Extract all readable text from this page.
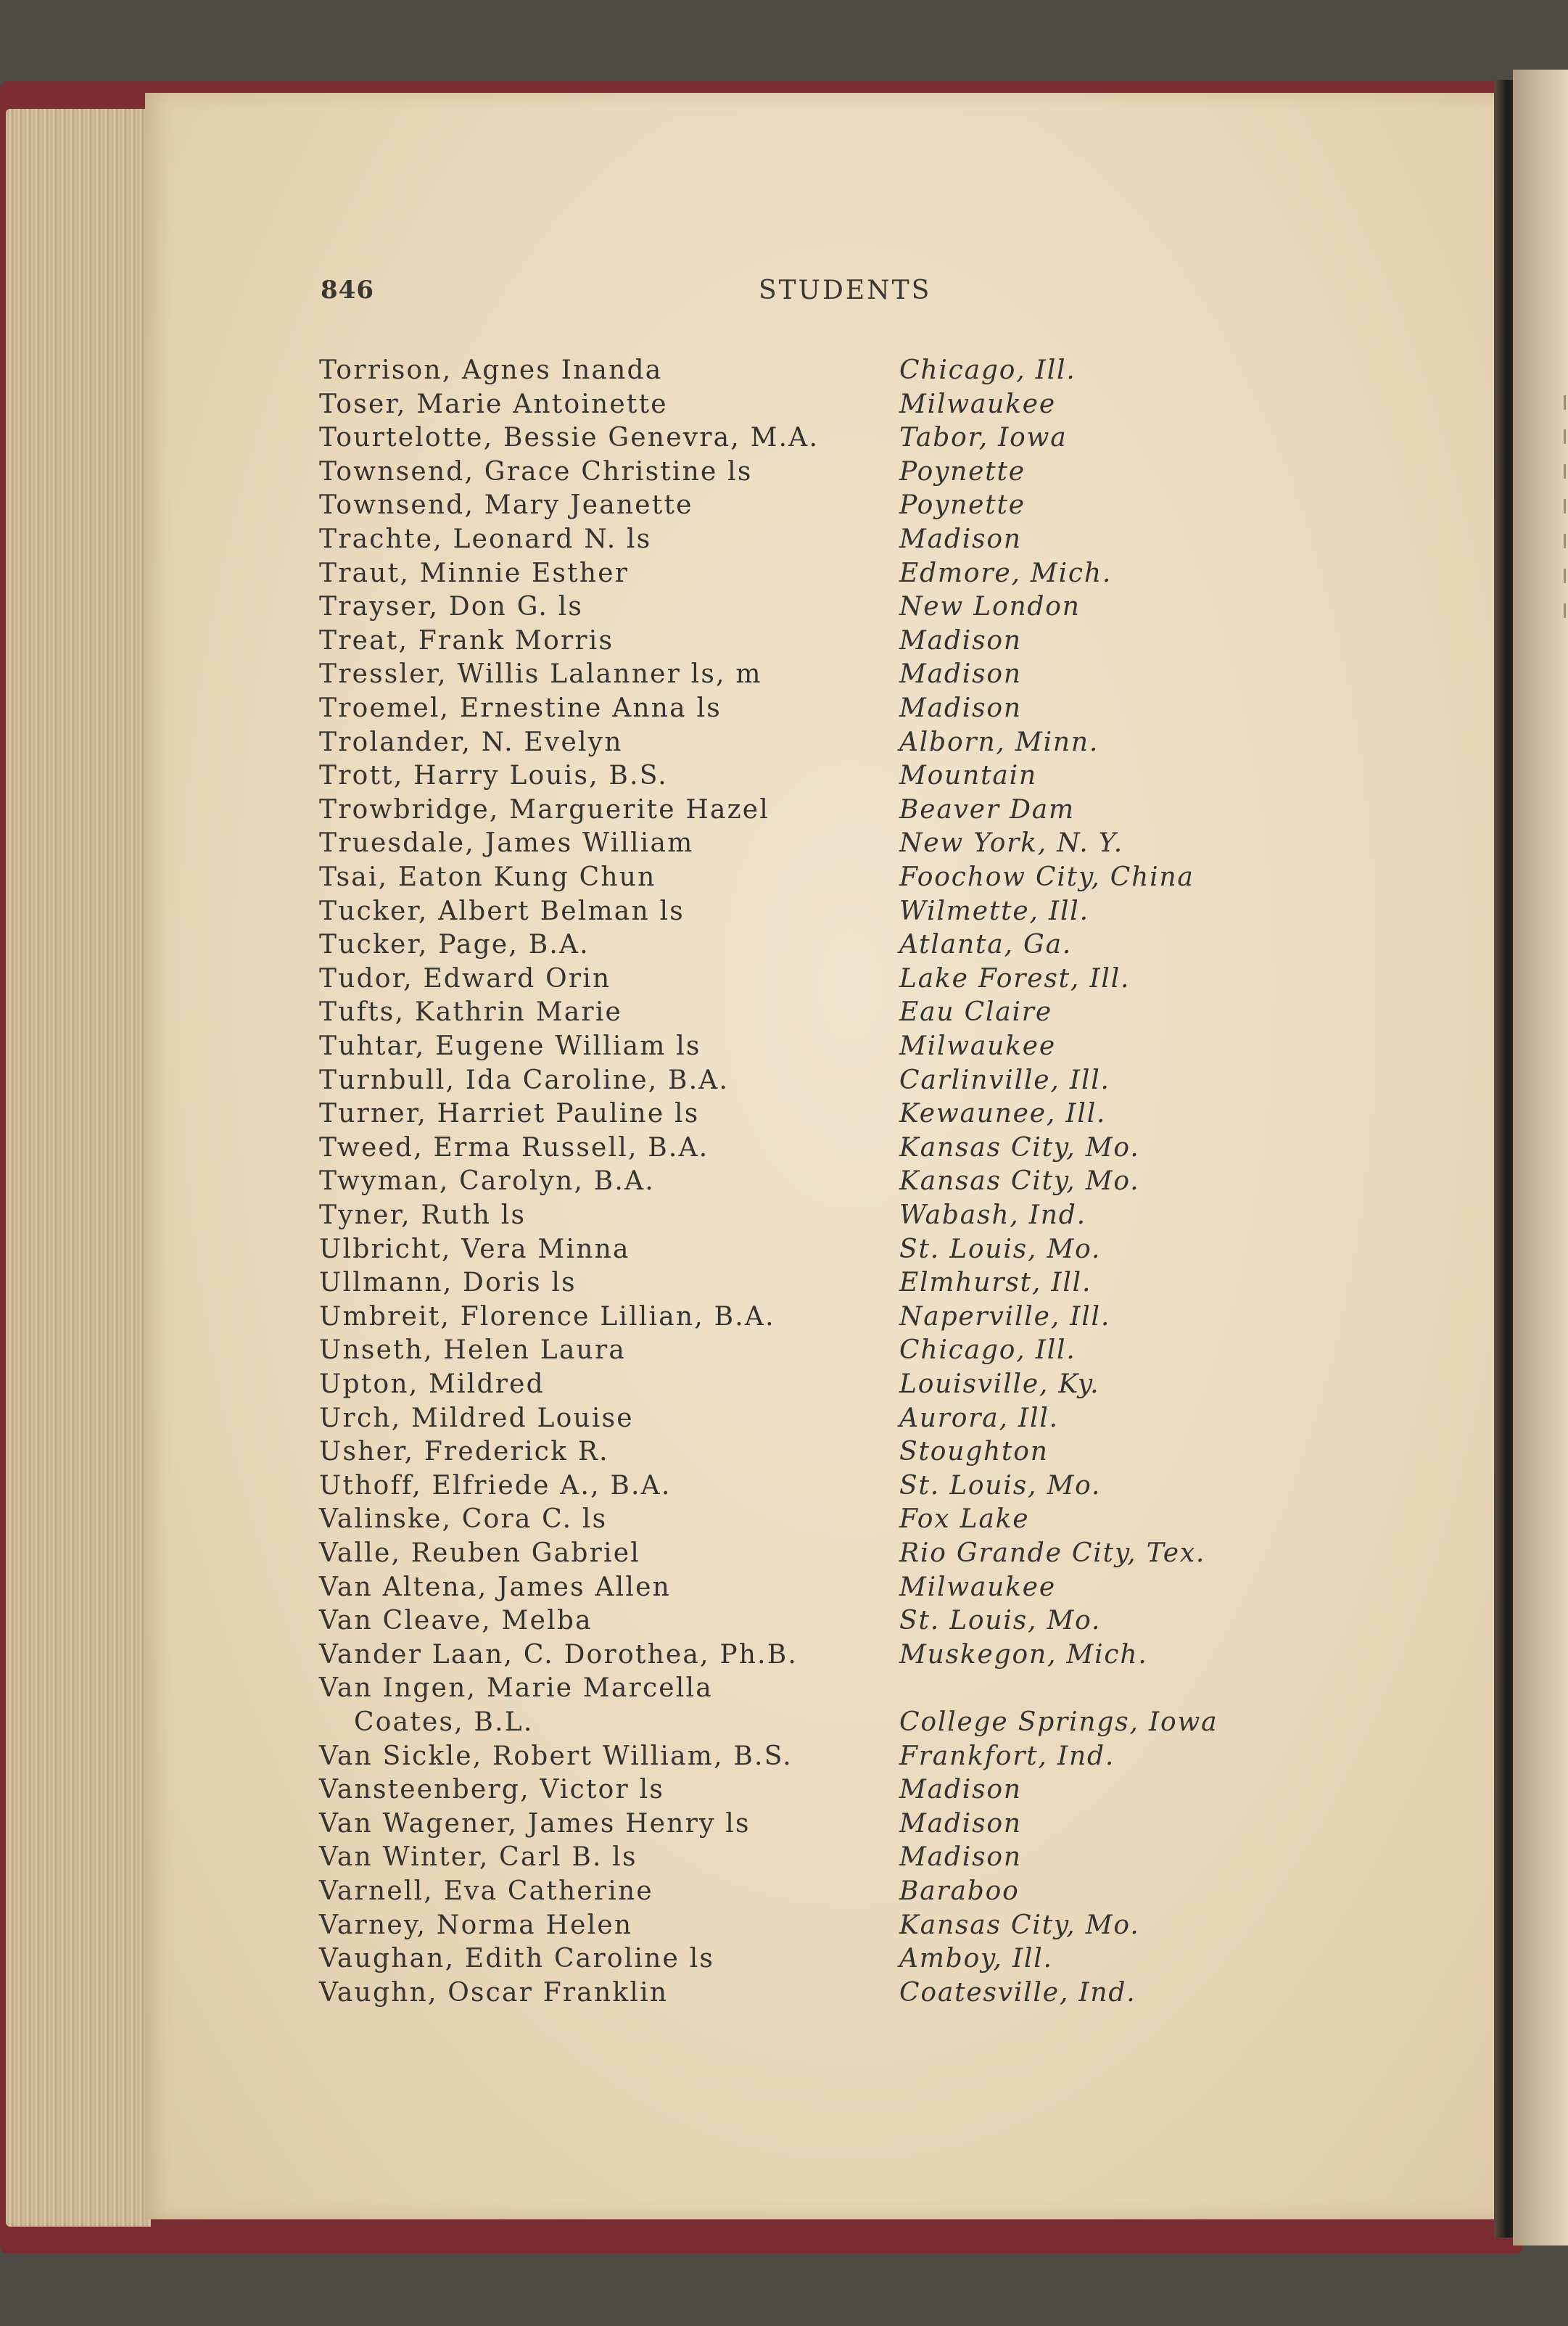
846	STUDENTS
Torrison, Agnes Inanda	Chicago, Ill.
Toser, Marie Antoinette	Milwaukee
Tourtelotte, Bessie Genevra, M.A.	Tabor, Iowa
Townsend, Grace Christine ls	Poynette
Townsend, Mary Jeanette	Poynette
Trachte, Leonard N. ls	Madison
Traut, Minnie Esther	Edmore, Mich.
Trayser, Don G. ls	New London
Treat, Frank Morris	Madison
Tressler, Willis Lalanner ls, m	Madison
Troemel, Ernestine Anna ls	Madison
Trolander, N. Evelyn	Alborn, Minn.
Trott, Harry Louis, B.S.	Mountain
Trowbridge, Marguerite Hazel	Beaver Dam
Truesdale, James William	New York, N. Y.
Tsai, Eaton Kung Chun	Foochow City, China
Tucker, Albert Belman ls	Wilmette, Ill.
Tucker, Page, B.A.	Atlanta, Ga.
Tudor, Edward Orin	Lake Forest, Ill.
Tufts, Kathrin Marie	Eau Claire
Tuhtar, Eugene William ls	Milwaukee
Turnbull, Ida Caroline, B.A.	Carlinville, Ill.
Turner, Harriet Pauline ls	Kewaunee, Ill.
Tweed, Erma Russell, B.A.	Kansas City, Mo.
Twyman, Carolyn, B.A.	Kansas City, Mo.
Tyner, Ruth ls	Wabash, Ind.
Ulbricht, Vera Minna	St. Louis, Mo.
Ullmann, Doris ls	Elmhurst, Ill.
Umbreit, Florence Lillian, B.A.	Naperville, Ill.
Unseth, Helen Laura	Chicago, Ill.
Upton, Mildred	Louisville, Ky.
Urch, Mildred Louise	Aurora, Ill.
Usher, Frederick R.	Stoughton
Uthoff, Elfriede A., B.A.	St. Louis, Mo.
Valinske, Cora C. ls	Fox Lake
Valle, Reuben Gabriel	Rio Grande City, Tex.
Van Altena, James Allen	Milwaukee
Van Cleave, Melba	St. Louis, Mo.
Vander Laan, C. Dorothea, Ph.B.	Muskegon, Mich.
Van Ingen, Marie Marcella
Coates, B.L.	College Springs, Iowa
Van Sickle, Robert William, B.S.	Frankfort, Ind.
Vansteenberg, Victor ls	Madison
Van Wagener, James Henry ls	Madison
Van Winter, Carl B. ls	Madison
Varnell, Eva Catherine	Baraboo
Varney, Norma Helen	Kansas City, Mo.
Vaughan, Edith Caroline ls	Amboy, Ill.
Vaughn, Oscar Franklin	Coatesville, Ind.
